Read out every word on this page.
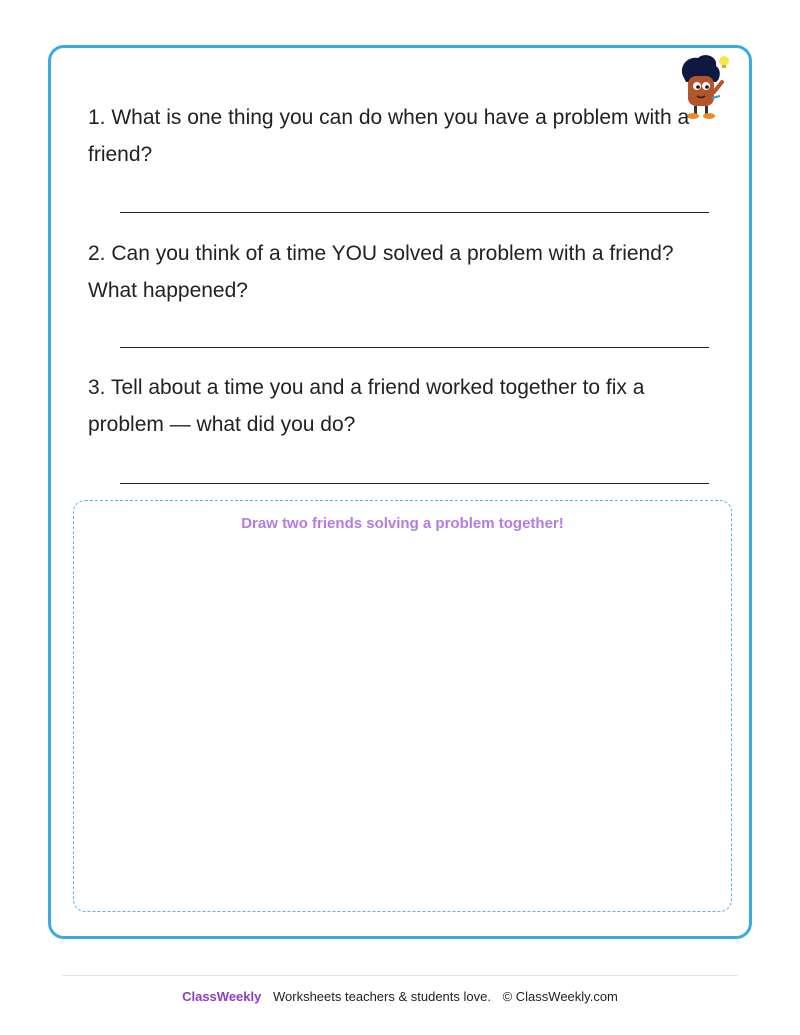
1. What is one thing you can do when you have a problem with a friend?
2. Can you think of a time YOU solved a problem with a friend? What happened?
3. Tell about a time you and a friend worked together to fix a problem — what did you do?
Draw two friends solving a problem together!
ClassWeekly Worksheets teachers & students love. © ClassWeekly.com
